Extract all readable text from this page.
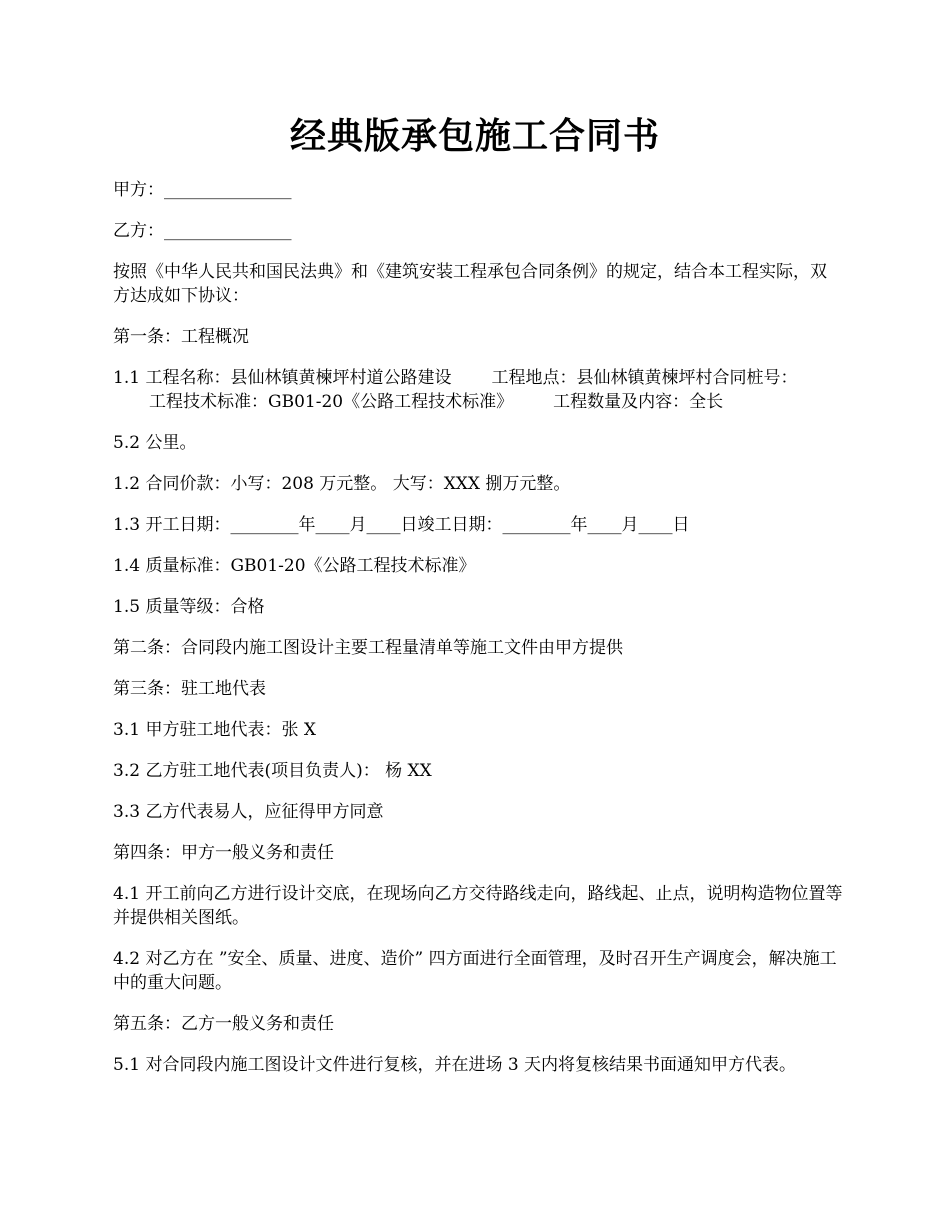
经典版承包施工合同书

甲方：_______________

乙方：_______________

按照《中华人民共和国民法典》和《建筑安装工程承包合同条例》的规定，结合本工程实际，双方达成如下协议：

第一条：工程概况

1.1 工程名称：县仙林镇黄楝坪村道公路建设 工程地点：县仙林镇黄楝坪村合同桩号：
工程技术标准：GB01-20《公路工程技术标准》 工程数量及内容：全长

5.2 公里。

1.2 合同价款：小写：208 万元整。 大写：XXX 捌万元整。

1.3 开工日期：________年____月____日竣工日期：________年____月____日

1.4 质量标准：GB01-20《公路工程技术标准》

1.5 质量等级：合格

第二条：合同段内施工图设计主要工程量清单等施工文件由甲方提供

第三条：驻工地代表

3.1 甲方驻工地代表：张 X

3.2 乙方驻工地代表(项目负责人)： 杨 XX

3.3 乙方代表易人，应征得甲方同意

第四条：甲方一般义务和责任

4.1 开工前向乙方进行设计交底，在现场向乙方交待路线走向，路线起、止点，说明构造物位置等并提供相关图纸。

4.2 对乙方在 ”安全、质量、进度、造价” 四方面进行全面管理，及时召开生产调度会，解决施工中的重大问题。

第五条：乙方一般义务和责任

5.1 对合同段内施工图设计文件进行复核，并在进场 3 天内将复核结果书面通知甲方代表。
